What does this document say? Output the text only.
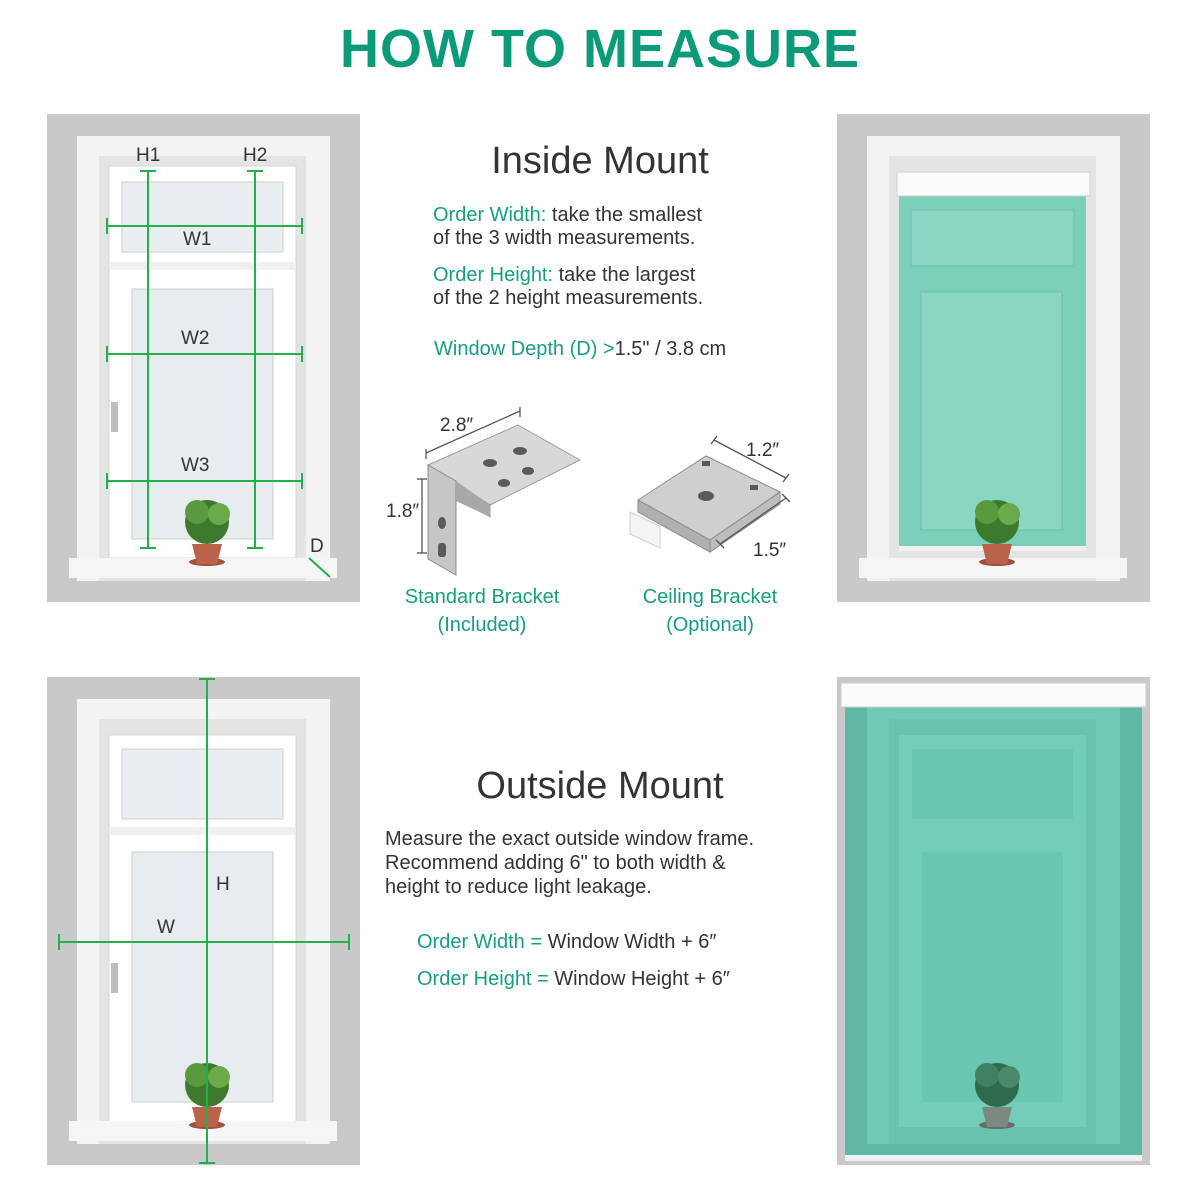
HOW TO MEASURE
H1	H2
W1
W2
W3
D
Inside Mount
Order Width: take the smallest
of the 3 width measurements.
Order Height: take the largest
of the 2 height measurements.
Window Depth (D) >1.5" / 3.8 cm
2.8″
1.8″
Standard Bracket
(Included)
1.2″
1.5″
Ceiling Bracket
(Optional)
H
W
Outside Mount
Measure the exact outside window frame.
Recommend adding 6" to both width &
height to reduce light leakage.
Order Width = Window Width + 6″
Order Height = Window Height + 6″
